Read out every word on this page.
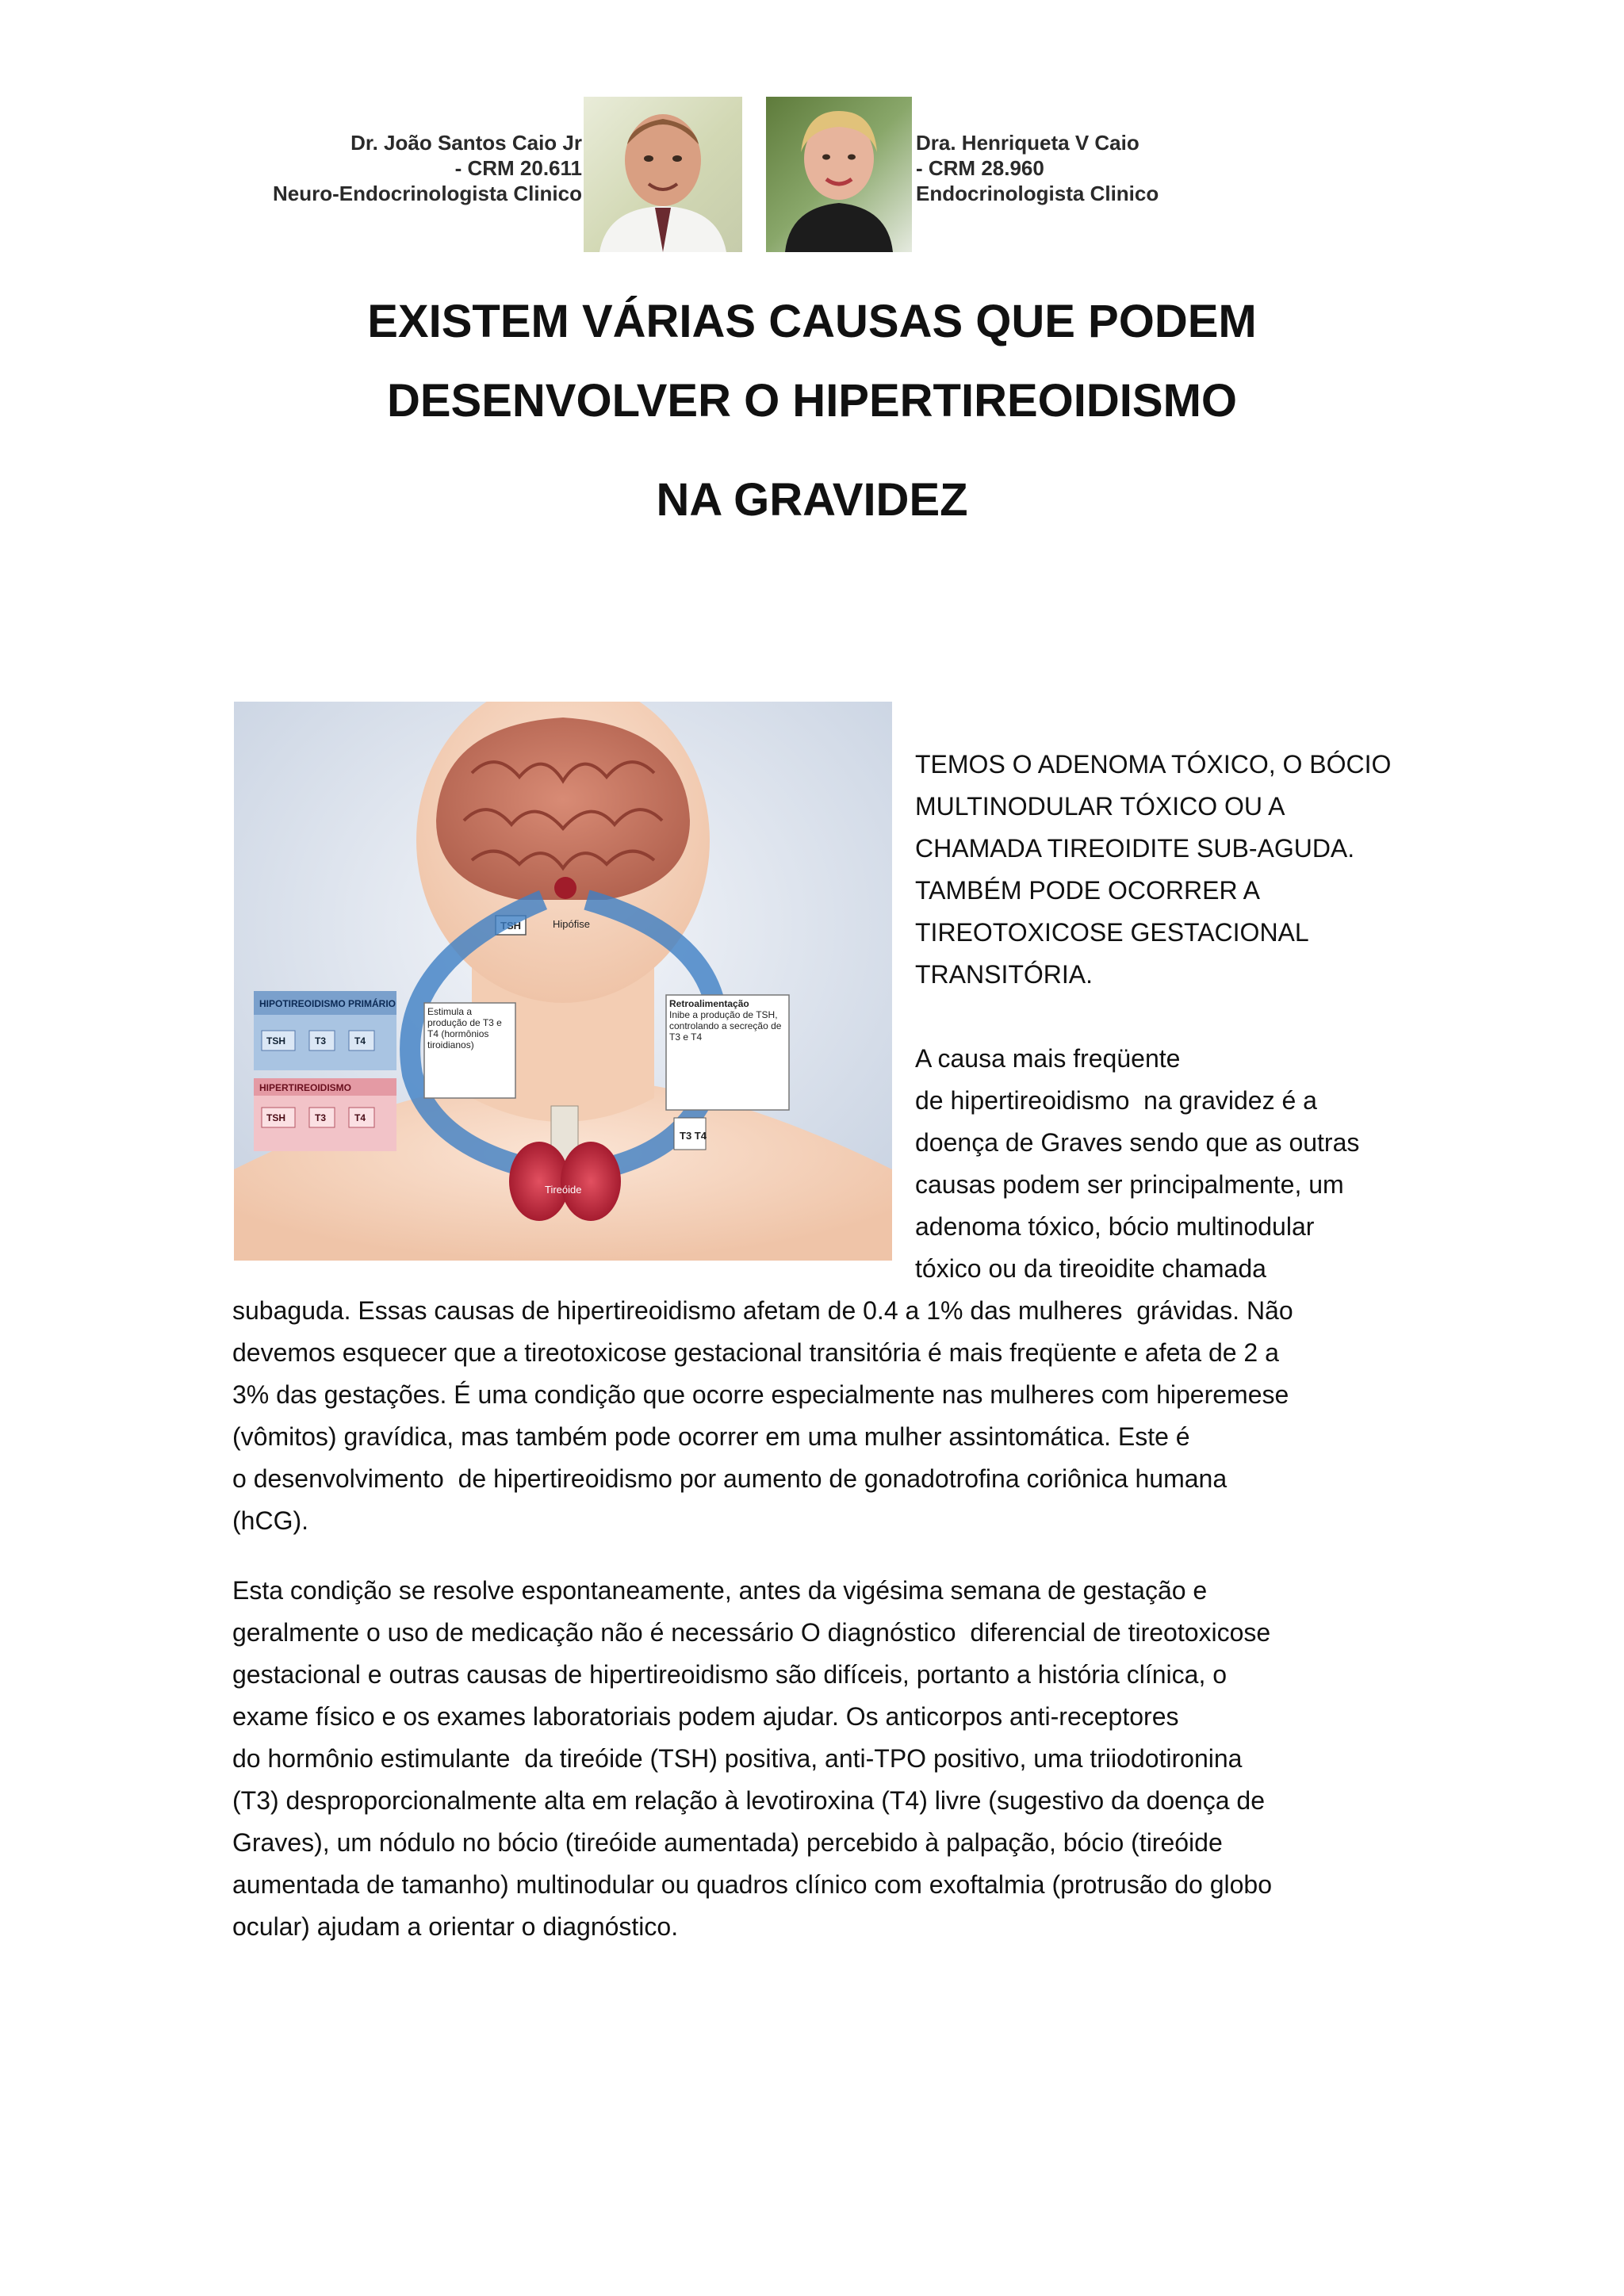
Dr. João Santos Caio Jr
- CRM 20.611
Neuro-Endocrinologista Clinico
Dra. Henriqueta V Caio
- CRM 28.960
Endocrinologista Clinico
EXISTEM VÁRIAS CAUSAS QUE PODEM
DESENVOLVER O HIPERTIREOIDISMO
NA GRAVIDEZ
Hipófise
TSH
Estimula a produção de T3 e T4 (hormônios tiroidianos)
Retroalimentação
Inibe a produção de TSH, controlando a secreção de T3 e T4
HIPOTIREOIDISMO PRIMÁRIO
TSH	T3	T4
HIPERTIREOIDISMO
TSH	T3	T4
Tireóide
T3 T4
TEMOS O ADENOMA TÓXICO, O BÓCIO
MULTINODULAR TÓXICO OU A
CHAMADA TIREOIDITE SUB-AGUDA.
TAMBÉM PODE OCORRER A
TIREOTOXICOSE GESTACIONAL
TRANSITÓRIA.
A causa mais freqüente
de hipertireoidismo  na gravidez é a
doença de Graves sendo que as outras
causas podem ser principalmente, um
adenoma tóxico, bócio multinodular
tóxico ou da tireoidite chamada
subaguda. Essas causas de hipertireoidismo afetam de 0.4 a 1% das mulheres  grávidas. Não
devemos esquecer que a tireotoxicose gestacional transitória é mais freqüente e afeta de 2 a
3% das gestações. É uma condição que ocorre especialmente nas mulheres com hiperemese
(vômitos) gravídica, mas também pode ocorrer em uma mulher assintomática. Este é
o desenvolvimento  de hipertireoidismo por aumento de gonadotrofina coriônica humana
(hCG).
Esta condição se resolve espontaneamente, antes da vigésima semana de gestação e
geralmente o uso de medicação não é necessário O diagnóstico  diferencial de tireotoxicose
gestacional e outras causas de hipertireoidismo são difíceis, portanto a história clínica, o
exame físico e os exames laboratoriais podem ajudar. Os anticorpos anti-receptores
do hormônio estimulante  da tireóide (TSH) positiva, anti-TPO positivo, uma triiodotironina
(T3) desproporcionalmente alta em relação à levotiroxina (T4) livre (sugestivo da doença de
Graves), um nódulo no bócio (tireóide aumentada) percebido à palpação, bócio (tireóide
aumentada de tamanho) multinodular ou quadros clínico com exoftalmia (protrusão do globo
ocular) ajudam a orientar o diagnóstico.
